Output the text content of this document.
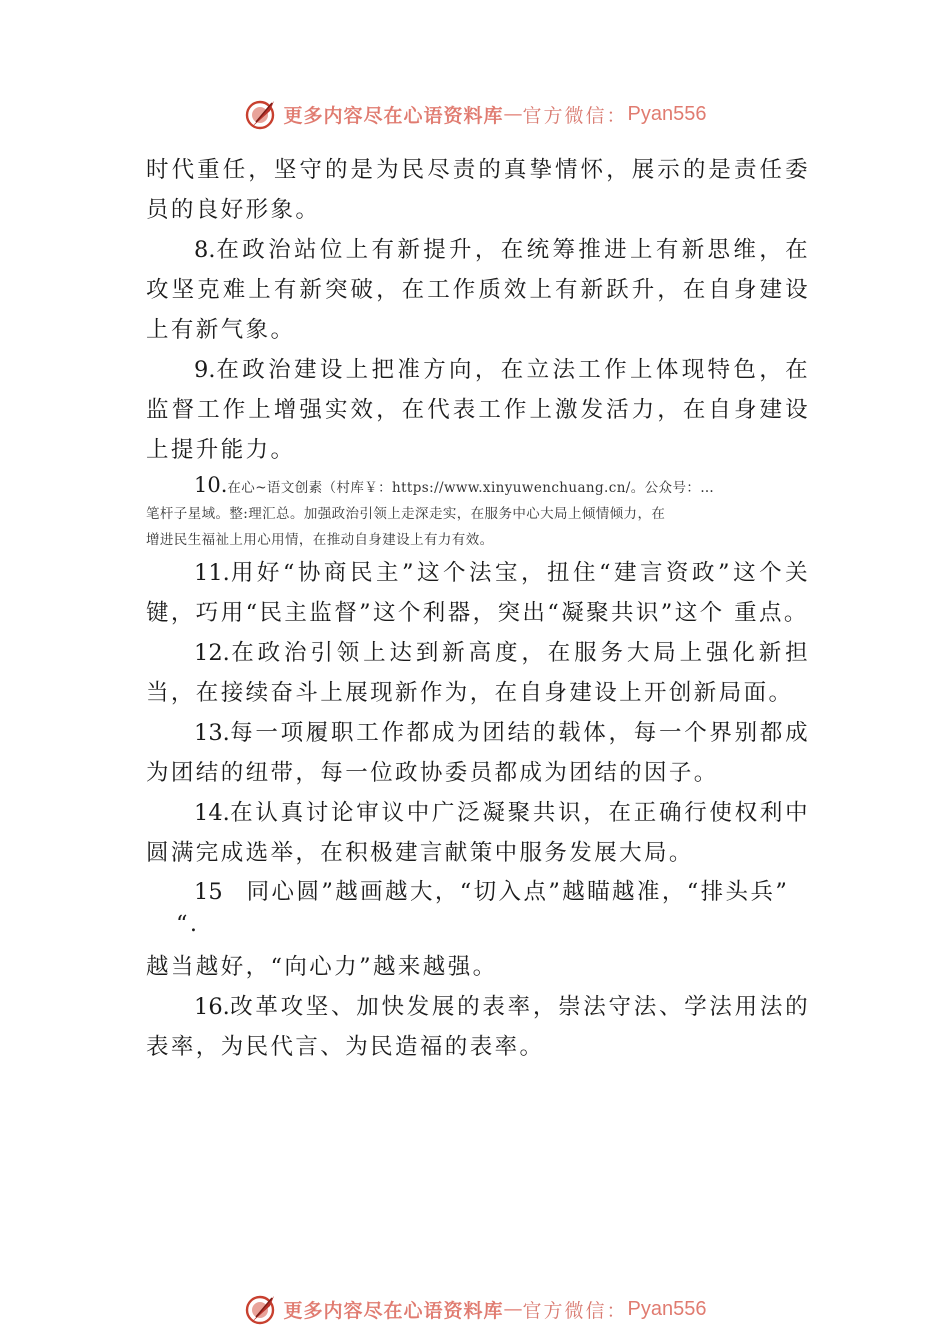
更多内容尽在心语资料库 — 官方微信： Pyan556

时代重任，坚守的是为民尽责的真挚情怀，展示的是责任委员的良好形象。

8.在政治站位上有新提升，在统筹推进上有新思维，在攻坚克难上有新突破，在工作质效上有新跃升，在自身建设上有新气象。

9.在政治建设上把准方向，在立法工作上体现特色，在监督工作上增强实效，在代表工作上激发活力，在自身建设上提升能力。

10.在心~语文创素（村库￥：https://www.xinyuwenchuang.cn/。公众号：…
笔杆子星域。整:理汇总。加强政治引领上走深走实，在服务中心大局上倾情倾力，在
增进民生福祉上用心用情，在推动自身建设上有力有效。

11.用好“协商民主”这个法宝，扭住“建言资政”这个关键，巧用“民主监督”这个利器，突出“凝聚共识”这个 重点。

12.在政治引领上达到新高度，在服务大局上强化新担当，在接续奋斗上展现新作为，在自身建设上开创新局面。

13.每一项履职工作都成为团结的载体，每一个界别都成为团结的纽带，每一位政协委员都成为团结的因子。

14.在认真讨论审议中广泛凝聚共识，在正确行使权利中圆满完成选举，在积极建言献策中服务发展大局。

15 同心圆”越画越大，“切入点”越瞄越准，“排头兵”

“.

越当越好，“向心力”越来越强。

16.改革攻坚、加快发展的表率，崇法守法、学法用法的表率，为民代言、为民造福的表率。

更多内容尽在心语资料库 — 官方微信： Pyan556
